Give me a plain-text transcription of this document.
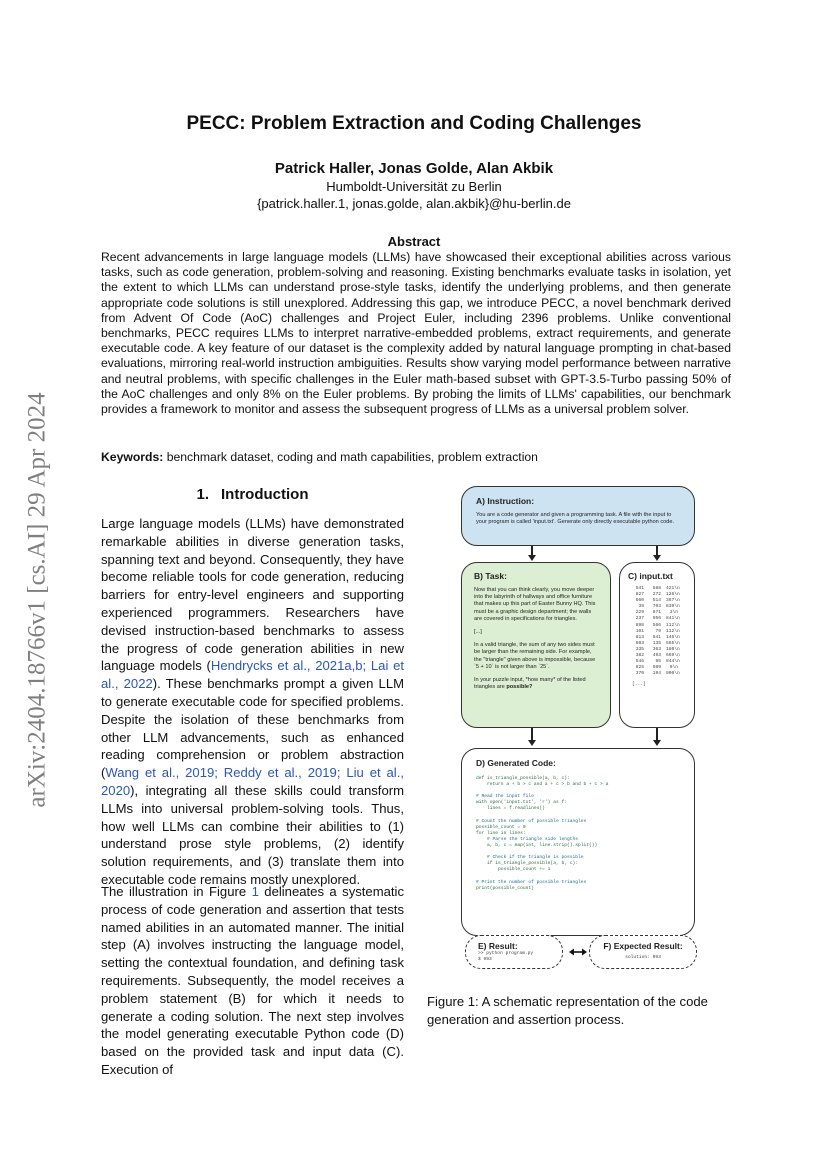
arXiv:2404.18766v1 [cs.AI] 29 Apr 2024
PECC: Problem Extraction and Coding Challenges
Patrick Haller, Jonas Golde, Alan Akbik
Humboldt-Universität zu Berlin
{patrick.haller.1, jonas.golde, alan.akbik}@hu-berlin.de
Abstract
Recent advancements in large language models (LLMs) have showcased their exceptional abilities across various tasks, such as code generation, problem-solving and reasoning. Existing benchmarks evaluate tasks in isolation, yet the extent to which LLMs can understand prose-style tasks, identify the underlying problems, and then generate appropriate code solutions is still unexplored. Addressing this gap, we introduce PECC, a novel benchmark derived from Advent Of Code (AoC) challenges and Project Euler, including 2396 problems. Unlike conventional benchmarks, PECC requires LLMs to interpret narrative-embedded problems, extract requirements, and generate executable code. A key feature of our dataset is the complexity added by natural language prompting in chat-based evaluations, mirroring real-world instruction ambiguities. Results show varying model performance between narrative and neutral problems, with specific challenges in the Euler math-based subset with GPT-3.5-Turbo passing 50% of the AoC challenges and only 8% on the Euler problems. By probing the limits of LLMs' capabilities, our benchmark provides a framework to monitor and assess the subsequent progress of LLMs as a universal problem solver.
Keywords: benchmark dataset, coding and math capabilities, problem extraction
1. Introduction

Large language models (LLMs) have demonstrated remarkable abilities in diverse generation tasks, spanning text and beyond. Consequently, they have become reliable tools for code generation, reducing barriers for entry-level engineers and supporting experienced programmers. Researchers have devised instruction-based benchmarks to assess the progress of code generation abilities in new language models (Hendrycks et al., 2021a,b; Lai et al., 2022). These benchmarks prompt a given LLM to generate executable code for specified problems. Despite the isolation of these benchmarks from other LLM advancements, such as enhanced reading comprehension or problem abstraction (Wang et al., 2019; Reddy et al., 2019; Liu et al., 2020), integrating all these skills could transform LLMs into universal problem-solving tools. Thus, how well LLMs can combine their abilities to (1) understand prose style problems, (2) identify solution requirements, and (3) translate them into executable code remains mostly unexplored.

The illustration in Figure 1 delineates a systematic process of code generation and assertion that tests named abilities in an automated manner. The initial step (A) involves instructing the language model, setting the contextual foundation, and defining task requirements. Subsequently, the model receives a problem statement (B) for which it needs to generate a coding solution. The next step involves the model generating executable Python code (D) based on the provided task and input data (C). Execution of

A) Instruction:
You are a code generator and given a programming task. A file with the input to your program is called 'input.txt'. Generate only directly executable python code.
B) Task:
Now that you can think clearly, you move deeper into the labyrinth of hallways and office furniture that makes up this part of Easter Bunny HQ. This must be a graphic design department; the walls are covered in specifications for triangles.
[...]
In a valid triangle, the sum of any two sides must be larger than the remaining side. For example, the "triangle" given above is impossible, because `5 + 10` is not larger than `25`.
In your puzzle input, *how many* of the listed triangles are possible?
C) input.txt
541	588 421\n
827	272 126\n
660	514 367\n
39	703 839\n
229	871	3\n
237	956 841\n
898	566 112\n
101	79 112\n
813	541 146\n
603	135 565\n
335	363 180\n
382	493 669\n
546	95 844\n
825	989	9\n
370	194 900\n
[...]
D) Generated Code:
def is_triangle_possible(a, b, c):
return a + b > c and a + c > b and b + c > a

# Read the input file
with open('input.txt', 'r') as f:
lines = f.readlines()

# Count the number of possible triangles
possible_count = 0
for line in lines:
# Parse the triangle side lengths
a, b, c = map(int, line.strip().split())

# Check if the triangle is possible
if is_triangle_possible(a, b, c):
possible_count += 1

# Print the number of possible triangles
print(possible_count)
E) Result:
>> python program.py
$ 993
F) Expected Result:
solution: 993
Figure 1: A schematic representation of the code generation and assertion process.
